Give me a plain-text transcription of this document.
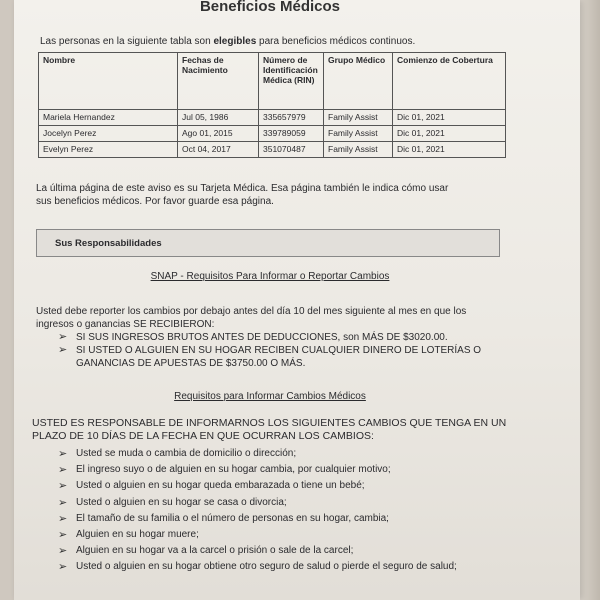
Beneficios Médicos
Las personas en la siguiente tabla son elegibles para beneficios médicos continuos.
Nombre	Fechas de Nacimiento	Número de Identificación Médica (RIN)	Grupo Médico	Comienzo de Cobertura
Mariela Hernandez	Jul 05, 1986	335657979	Family Assist	Dic 01, 2021
Jocelyn Perez	Ago 01, 2015	339789059	Family Assist	Dic 01, 2021
Evelyn Perez	Oct 04, 2017	351070487	Family Assist	Dic 01, 2021
La última página de este aviso es su Tarjeta Médica. Esa página también le indica cómo usar sus beneficios médicos. Por favor guarde esa página.
Sus Responsabilidades
SNAP - Requisitos Para Informar o Reportar Cambios
Usted debe reporter los cambios por debajo antes del día 10 del mes siguiente al mes en que los ingresos o ganancias SE RECIBIERON:
➢ SI SUS INGRESOS BRUTOS ANTES DE DEDUCCIONES, son MÁS DE $3020.00.
➢ SI USTED O ALGUIEN EN SU HOGAR RECIBEN CUALQUIER DINERO DE LOTERÍAS O GANANCIAS DE APUESTAS DE $3750.00 O MÁS.
Requisitos para Informar Cambios Médicos
USTED ES RESPONSABLE DE INFORMARNOS LOS SIGUIENTES CAMBIOS QUE TENGA EN UN PLAZO DE 10 DÍAS DE LA FECHA EN QUE OCURRAN LOS CAMBIOS:
➢ Usted se muda o cambia de domicilio o dirección;
➢ El ingreso suyo o de alguien en su hogar cambia, por cualquier motivo;
➢ Usted o alguien en su hogar queda embarazada o tiene un bebé;
➢ Usted o alguien en su hogar se casa o divorcia;
➢ El tamaño de su familia o el número de personas en su hogar, cambia;
➢ Alguien en su hogar muere;
➢ Alguien en su hogar va a la carcel o prisión o sale de la carcel;
➢ Usted o alguien en su hogar obtiene otro seguro de salud o pierde el seguro de salud;
